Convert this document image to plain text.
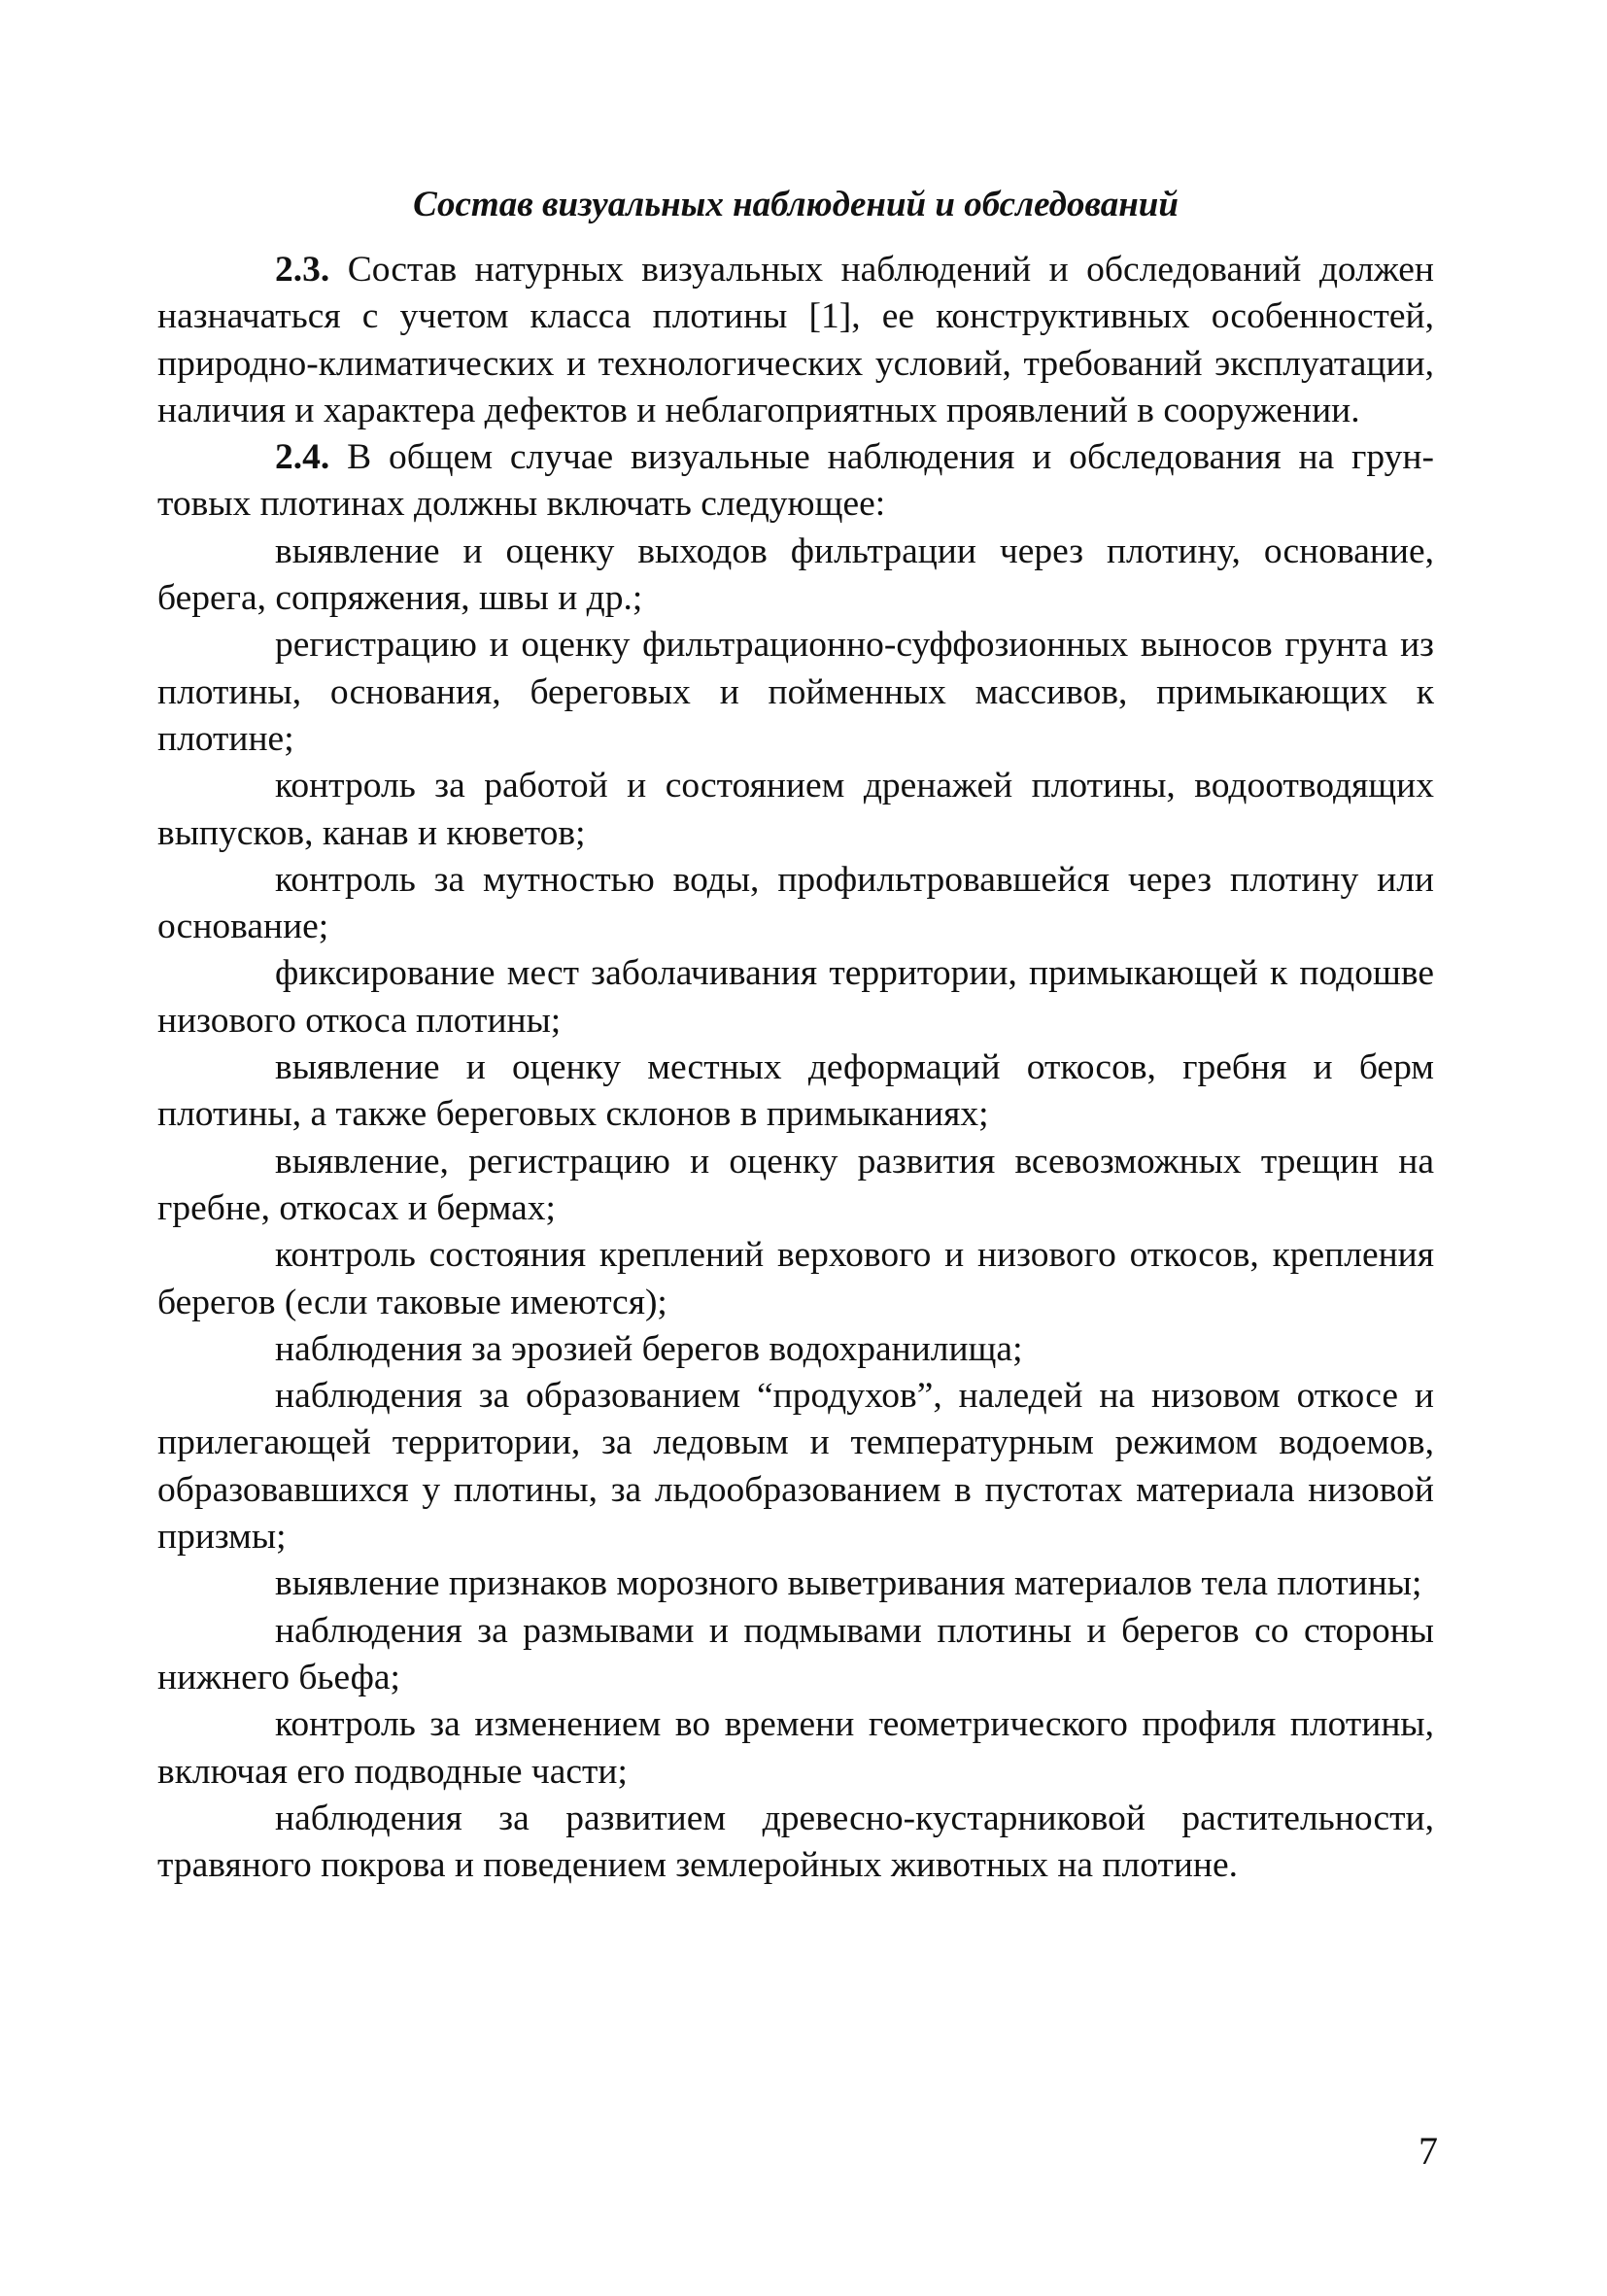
Состав визуальных наблюдений и обследований

2.3. Состав натурных визуальных наблюдений и обследований должен назначаться с учетом класса плотины [1], ее конструктивных особенностей, природно-климатических и технологических условий, требований эксплуатации, наличия и характера дефектов и неблагоприятных проявлений в сооружении.

2.4. В общем случае визуальные наблюдения и обследования на грунтовых плотинах должны включать следующее:

выявление и оценку выходов фильтрации через плотину, основание, берега, сопряжения, швы и др.;

регистрацию и оценку фильтрационно-суффозионных выносов грунта из плотины, основания, береговых и пойменных массивов, примыкающих к плотине;

контроль за работой и состоянием дренажей плотины, водоотводящих выпусков, канав и кюветов;

контроль за мутностью воды, профильтровавшейся через плотину или основание;

фиксирование мест заболачивания территории, примыкающей к подошве низового откоса плотины;

выявление и оценку местных деформаций откосов, гребня и берм плотины, а также береговых склонов в примыканиях;

выявление, регистрацию и оценку развития всевозможных трещин на гребне, откосах и бермах;

контроль состояния креплений верхового и низового откосов, крепления берегов (если таковые имеются);

наблюдения за эрозией берегов водохранилища;

наблюдения за образованием “продухов”, наледей на низовом откосе и прилегающей территории, за ледовым и температурным режимом водоемов, образовавшихся у плотины, за льдообразованием в пустотах материала низовой призмы;

выявление признаков морозного выветривания материалов тела плотины;

наблюдения за размывами и подмывами плотины и берегов со стороны нижнего бьефа;

контроль за изменением во времени геометрического профиля плотины, включая его подводные части;

наблюдения за развитием древесно-кустарниковой растительности, травяного покрова и поведением землеройных животных на плотине.

7
